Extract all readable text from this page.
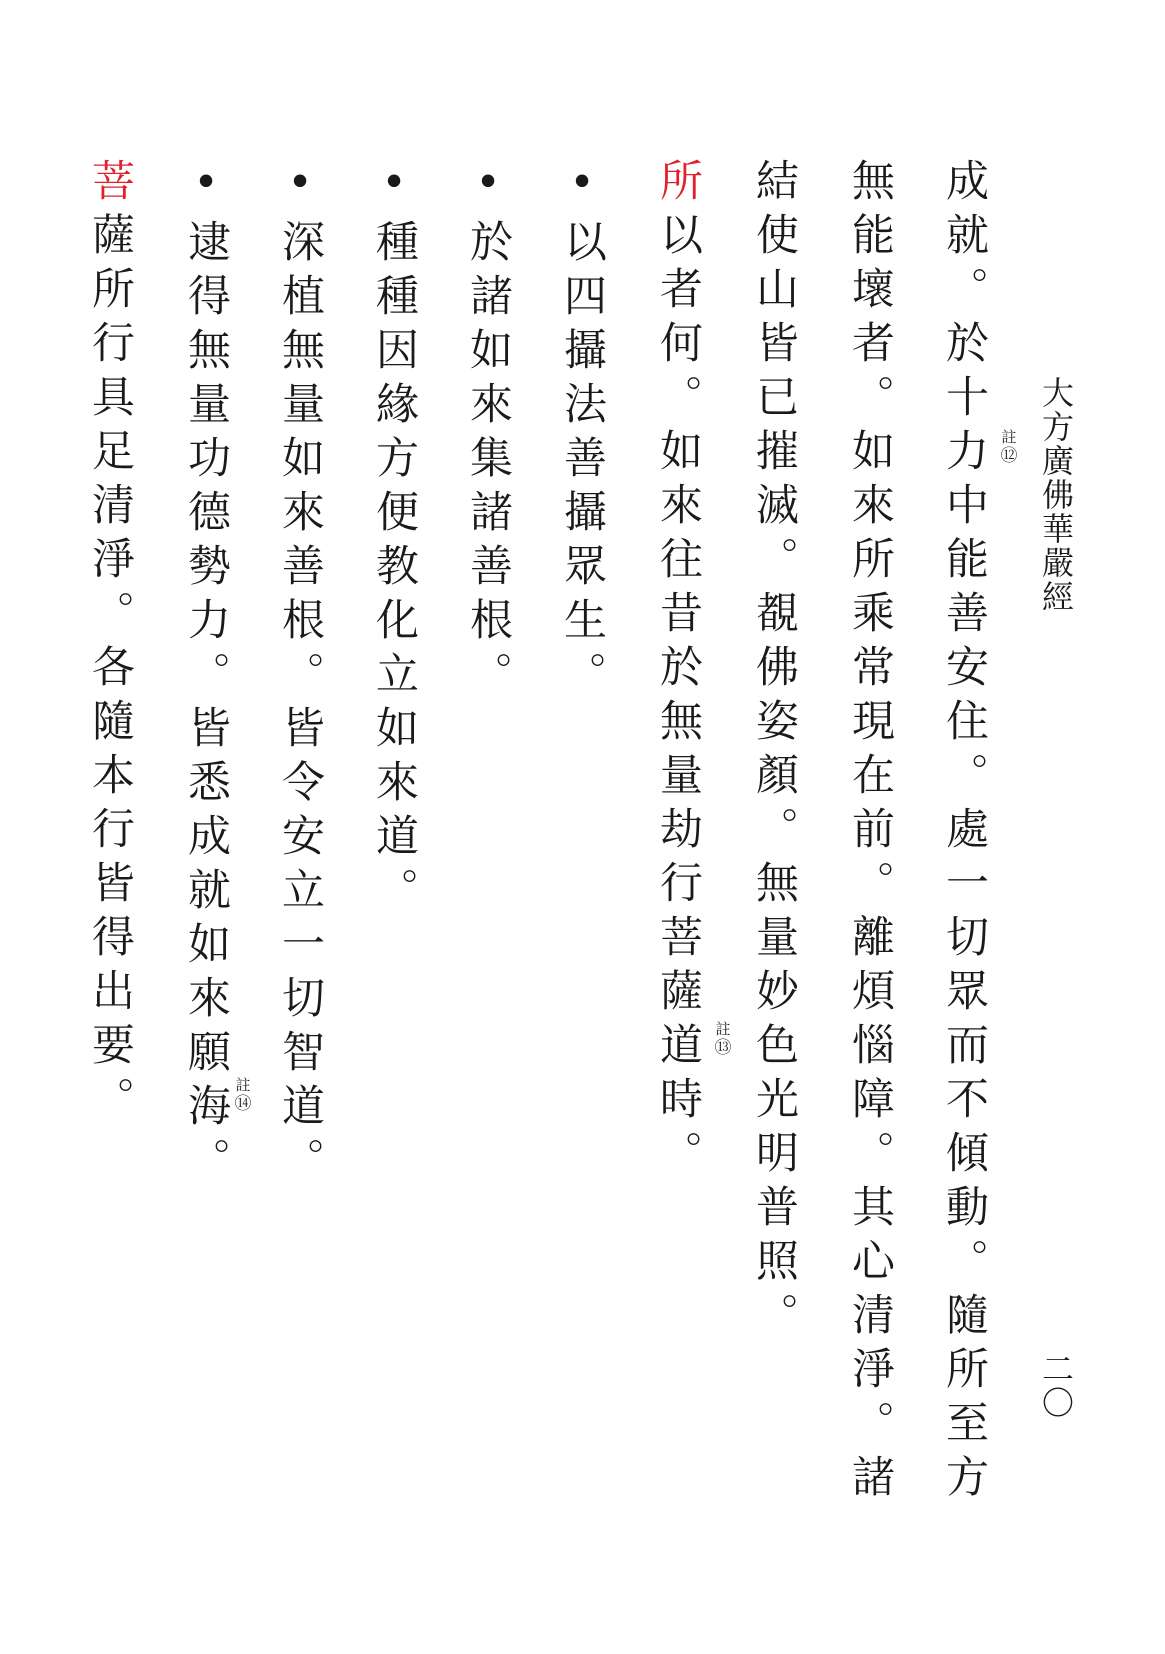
大方廣佛華嚴經
二〇
成就。於十力中能善安住。處一切眾而不傾動。隨所至方
無能壞者。如來所乘常現在前。離煩惱障。其心清淨。諸
結使山皆已摧滅。覩佛姿顏。無量妙色光明普照。
所以者何。如來往昔於無量劫行菩薩道時。
•以四攝法善攝眾生。
•於諸如來集諸善根。
•種種因緣方便教化立如來道。
•深植無量如來善根。皆令安立一切智道。
•逮得無量功德勢力。皆悉成就如來願海。
菩薩所行具足清淨。各隨本行皆得出要。	註
⑫
註
⑬
註
⑭
